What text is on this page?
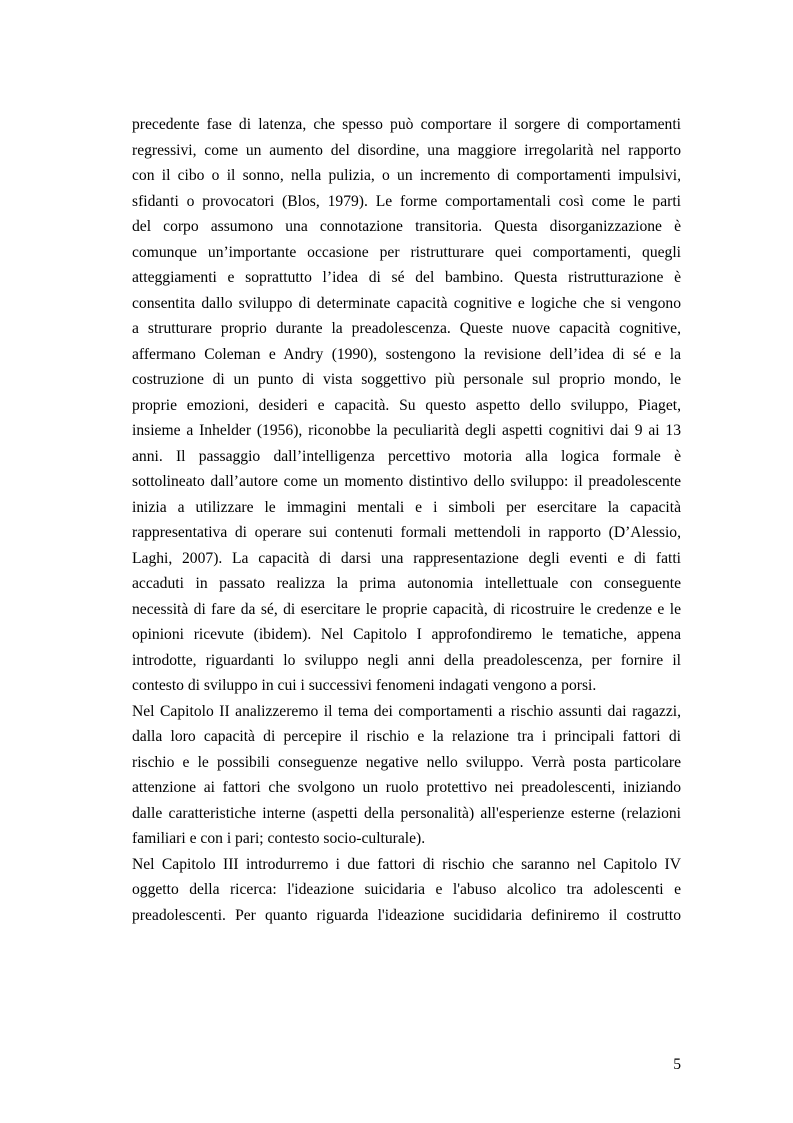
precedente fase di latenza, che spesso può comportare il sorgere di comportamenti
regressivi, come un aumento del disordine, una maggiore irregolarità nel rapporto
con il cibo o il sonno, nella pulizia, o un incremento di comportamenti impulsivi,
sfidanti o provocatori (Blos, 1979). Le forme comportamentali così come le parti
del corpo assumono una connotazione transitoria. Questa disorganizzazione è
comunque un’importante occasione per ristrutturare quei comportamenti, quegli
atteggiamenti e soprattutto l’idea di sé del bambino. Questa ristrutturazione è
consentita dallo sviluppo di determinate capacità cognitive e logiche che si vengono
a strutturare proprio durante la preadolescenza. Queste nuove capacità cognitive,
affermano Coleman e Andry (1990), sostengono la revisione dell’idea di sé e la
costruzione di un punto di vista soggettivo più personale sul proprio mondo, le
proprie emozioni, desideri e capacità. Su questo aspetto dello sviluppo, Piaget,
insieme a Inhelder (1956), riconobbe la peculiarità degli aspetti cognitivi dai 9 ai 13
anni. Il passaggio dall’intelligenza percettivo motoria alla logica formale è
sottolineato dall’autore come un momento distintivo dello sviluppo: il preadolescente
inizia a utilizzare le immagini mentali e i simboli per esercitare la capacità
rappresentativa di operare sui contenuti formali mettendoli in rapporto (D’Alessio,
Laghi, 2007). La capacità di darsi una rappresentazione degli eventi e di fatti
accaduti in passato realizza la prima autonomia intellettuale con conseguente
necessità di fare da sé, di esercitare le proprie capacità, di ricostruire le credenze e le
opinioni ricevute (ibidem). Nel Capitolo I approfondiremo le tematiche, appena
introdotte, riguardanti lo sviluppo negli anni della preadolescenza, per fornire il
contesto di sviluppo in cui i successivi fenomeni indagati vengono a porsi.
Nel Capitolo II analizzeremo il tema dei comportamenti a rischio assunti dai ragazzi,
dalla loro capacità di percepire il rischio e la relazione tra i principali fattori di
rischio e le possibili conseguenze negative nello sviluppo. Verrà posta particolare
attenzione ai fattori che svolgono un ruolo protettivo nei preadolescenti, iniziando
dalle caratteristiche interne (aspetti della personalità) all'esperienze esterne (relazioni
familiari e con i pari; contesto socio-culturale).
Nel Capitolo III introdurremo i due fattori di rischio che saranno nel Capitolo IV
oggetto della ricerca: l'ideazione suicidaria e l'abuso alcolico tra adolescenti e
preadolescenti. Per quanto riguarda l'ideazione sucididaria definiremo il costrutto
5
